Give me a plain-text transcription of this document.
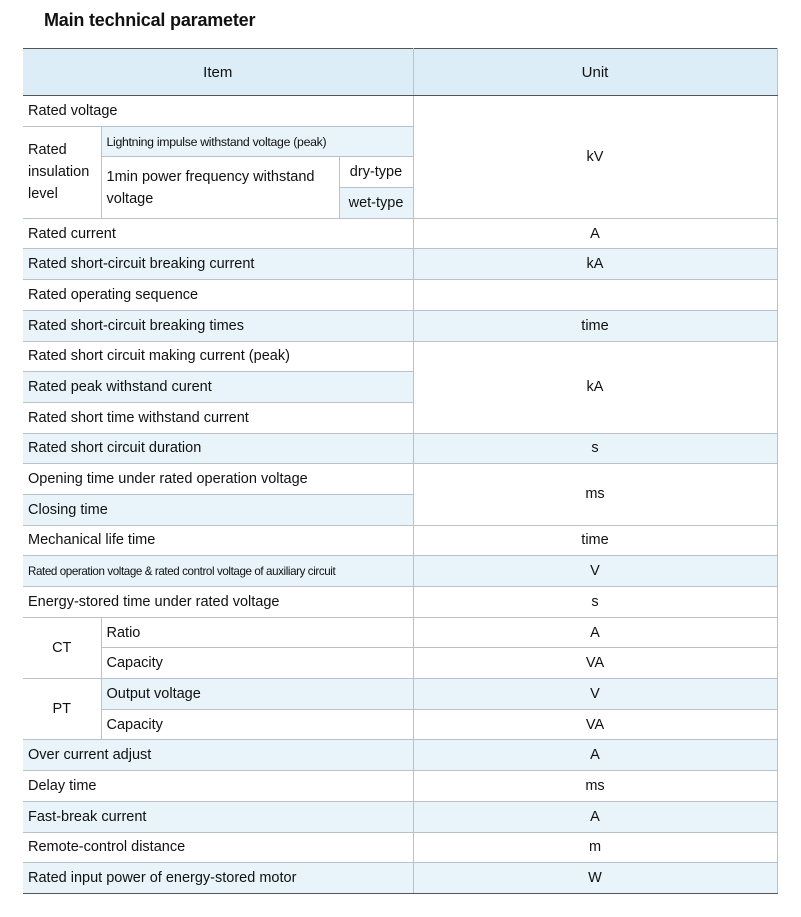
Main technical parameter
Item			Unit	
Rated voltage			kV	
Rated insulation level	Lightning impulse withstand voltage (peak)	
	1min power frequency withstand voltage	dry-type	
		wet-type	

Rated current			A	
Rated short-circuit breaking current			kA	
Rated operating sequence		
Rated short-circuit breaking times			time	
Rated short circuit making current (peak)			kA	
Rated peak withstand curent	
Rated short time withstand current	
Rated short circuit duration			s	
Opening time under rated operation voltage			ms	
Closing time	
Mechanical life time			time	
Rated operation voltage & rated control voltage of auxiliary circuit			V	
Energy-stored time under rated voltage			s	
CT	Ratio		A	
	Capacity		VA	
PT	Output voltage		V	
	Capacity		VA	
Over current adjust			A	
Delay time			ms	
Fast-break current			A	
Remote-control distance			m	
Rated input power of energy-stored motor			W	
